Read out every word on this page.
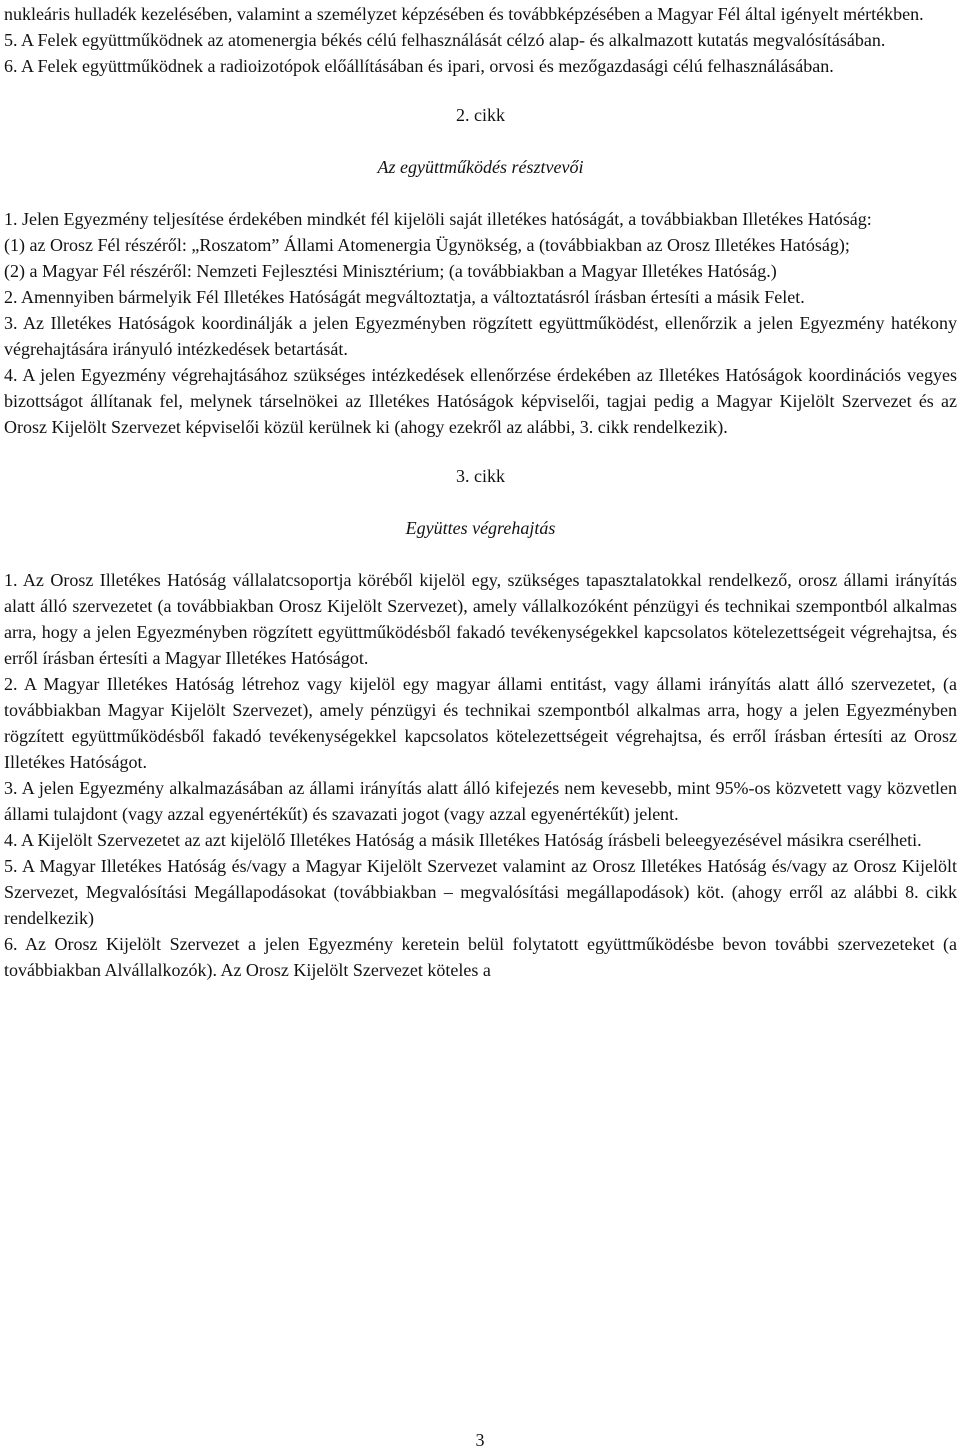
nukleáris hulladék kezelésében, valamint a személyzet képzésében és továbbképzésében a Magyar Fél által igényelt mértékben.

5. A Felek együttműködnek az atomenergia békés célú felhasználását célzó alap- és alkalmazott kutatás megvalósításában.

6. A Felek együttműködnek a radioizotópok előállításában és ipari, orvosi és mezőgazdasági célú felhasználásában.

2. cikk

Az együttműködés résztvevői

1. Jelen Egyezmény teljesítése érdekében mindkét fél kijelöli saját illetékes hatóságát, a továbbiakban Illetékes Hatóság:

(1) az Orosz Fél részéről: „Roszatom” Állami Atomenergia Ügynökség, a (továbbiakban az Orosz Illetékes Hatóság);

(2) a Magyar Fél részéről: Nemzeti Fejlesztési Minisztérium; (a továbbiakban a Magyar Illetékes Hatóság.)

2. Amennyiben bármelyik Fél Illetékes Hatóságát megváltoztatja, a változtatásról írásban értesíti a másik Felet.

3. Az Illetékes Hatóságok koordinálják a jelen Egyezményben rögzített együttműködést, ellenőrzik a jelen Egyezmény hatékony végrehajtására irányuló intézkedések betartását.

4. A jelen Egyezmény végrehajtásához szükséges intézkedések ellenőrzése érdekében az Illetékes Hatóságok koordinációs vegyes bizottságot állítanak fel, melynek társelnökei az Illetékes Hatóságok képviselői, tagjai pedig a Magyar Kijelölt Szervezet és az Orosz Kijelölt Szervezet képviselői közül kerülnek ki (ahogy ezekről az alábbi, 3. cikk rendelkezik).

3. cikk

Együttes végrehajtás

1. Az Orosz Illetékes Hatóság vállalatcsoportja köréből kijelöl egy, szükséges tapasztalatokkal rendelkező, orosz állami irányítás alatt álló szervezetet (a továbbiakban Orosz Kijelölt Szervezet), amely vállalkozóként pénzügyi és technikai szempontból alkalmas arra, hogy a jelen Egyezményben rögzített együttműködésből fakadó tevékenységekkel kapcsolatos kötelezettségeit végrehajtsa, és erről írásban értesíti a Magyar Illetékes Hatóságot.

2. A Magyar Illetékes Hatóság létrehoz vagy kijelöl egy magyar állami entitást, vagy állami irányítás alatt álló szervezetet, (a továbbiakban Magyar Kijelölt Szervezet), amely pénzügyi és technikai szempontból alkalmas arra, hogy a jelen Egyezményben rögzített együttműködésből fakadó tevékenységekkel kapcsolatos kötelezettségeit végrehajtsa, és erről írásban értesíti az Orosz Illetékes Hatóságot.

3. A jelen Egyezmény alkalmazásában az állami irányítás alatt álló kifejezés nem kevesebb, mint 95%-os közvetett vagy közvetlen állami tulajdont (vagy azzal egyenértékűt) és szavazati jogot (vagy azzal egyenértékűt) jelent.

4. A Kijelölt Szervezetet az azt kijelölő Illetékes Hatóság a másik Illetékes Hatóság írásbeli beleegyezésével másikra cserélheti.

5. A Magyar Illetékes Hatóság és/vagy a Magyar Kijelölt Szervezet valamint az Orosz Illetékes Hatóság és/vagy az Orosz Kijelölt Szervezet, Megvalósítási Megállapodásokat (továbbiakban – megvalósítási megállapodások) köt. (ahogy erről az alábbi 8. cikk rendelkezik)

6. Az Orosz Kijelölt Szervezet a jelen Egyezmény keretein belül folytatott együttműködésbe bevon további szervezeteket (a továbbiakban Alvállalkozók). Az Orosz Kijelölt Szervezet köteles a

3
